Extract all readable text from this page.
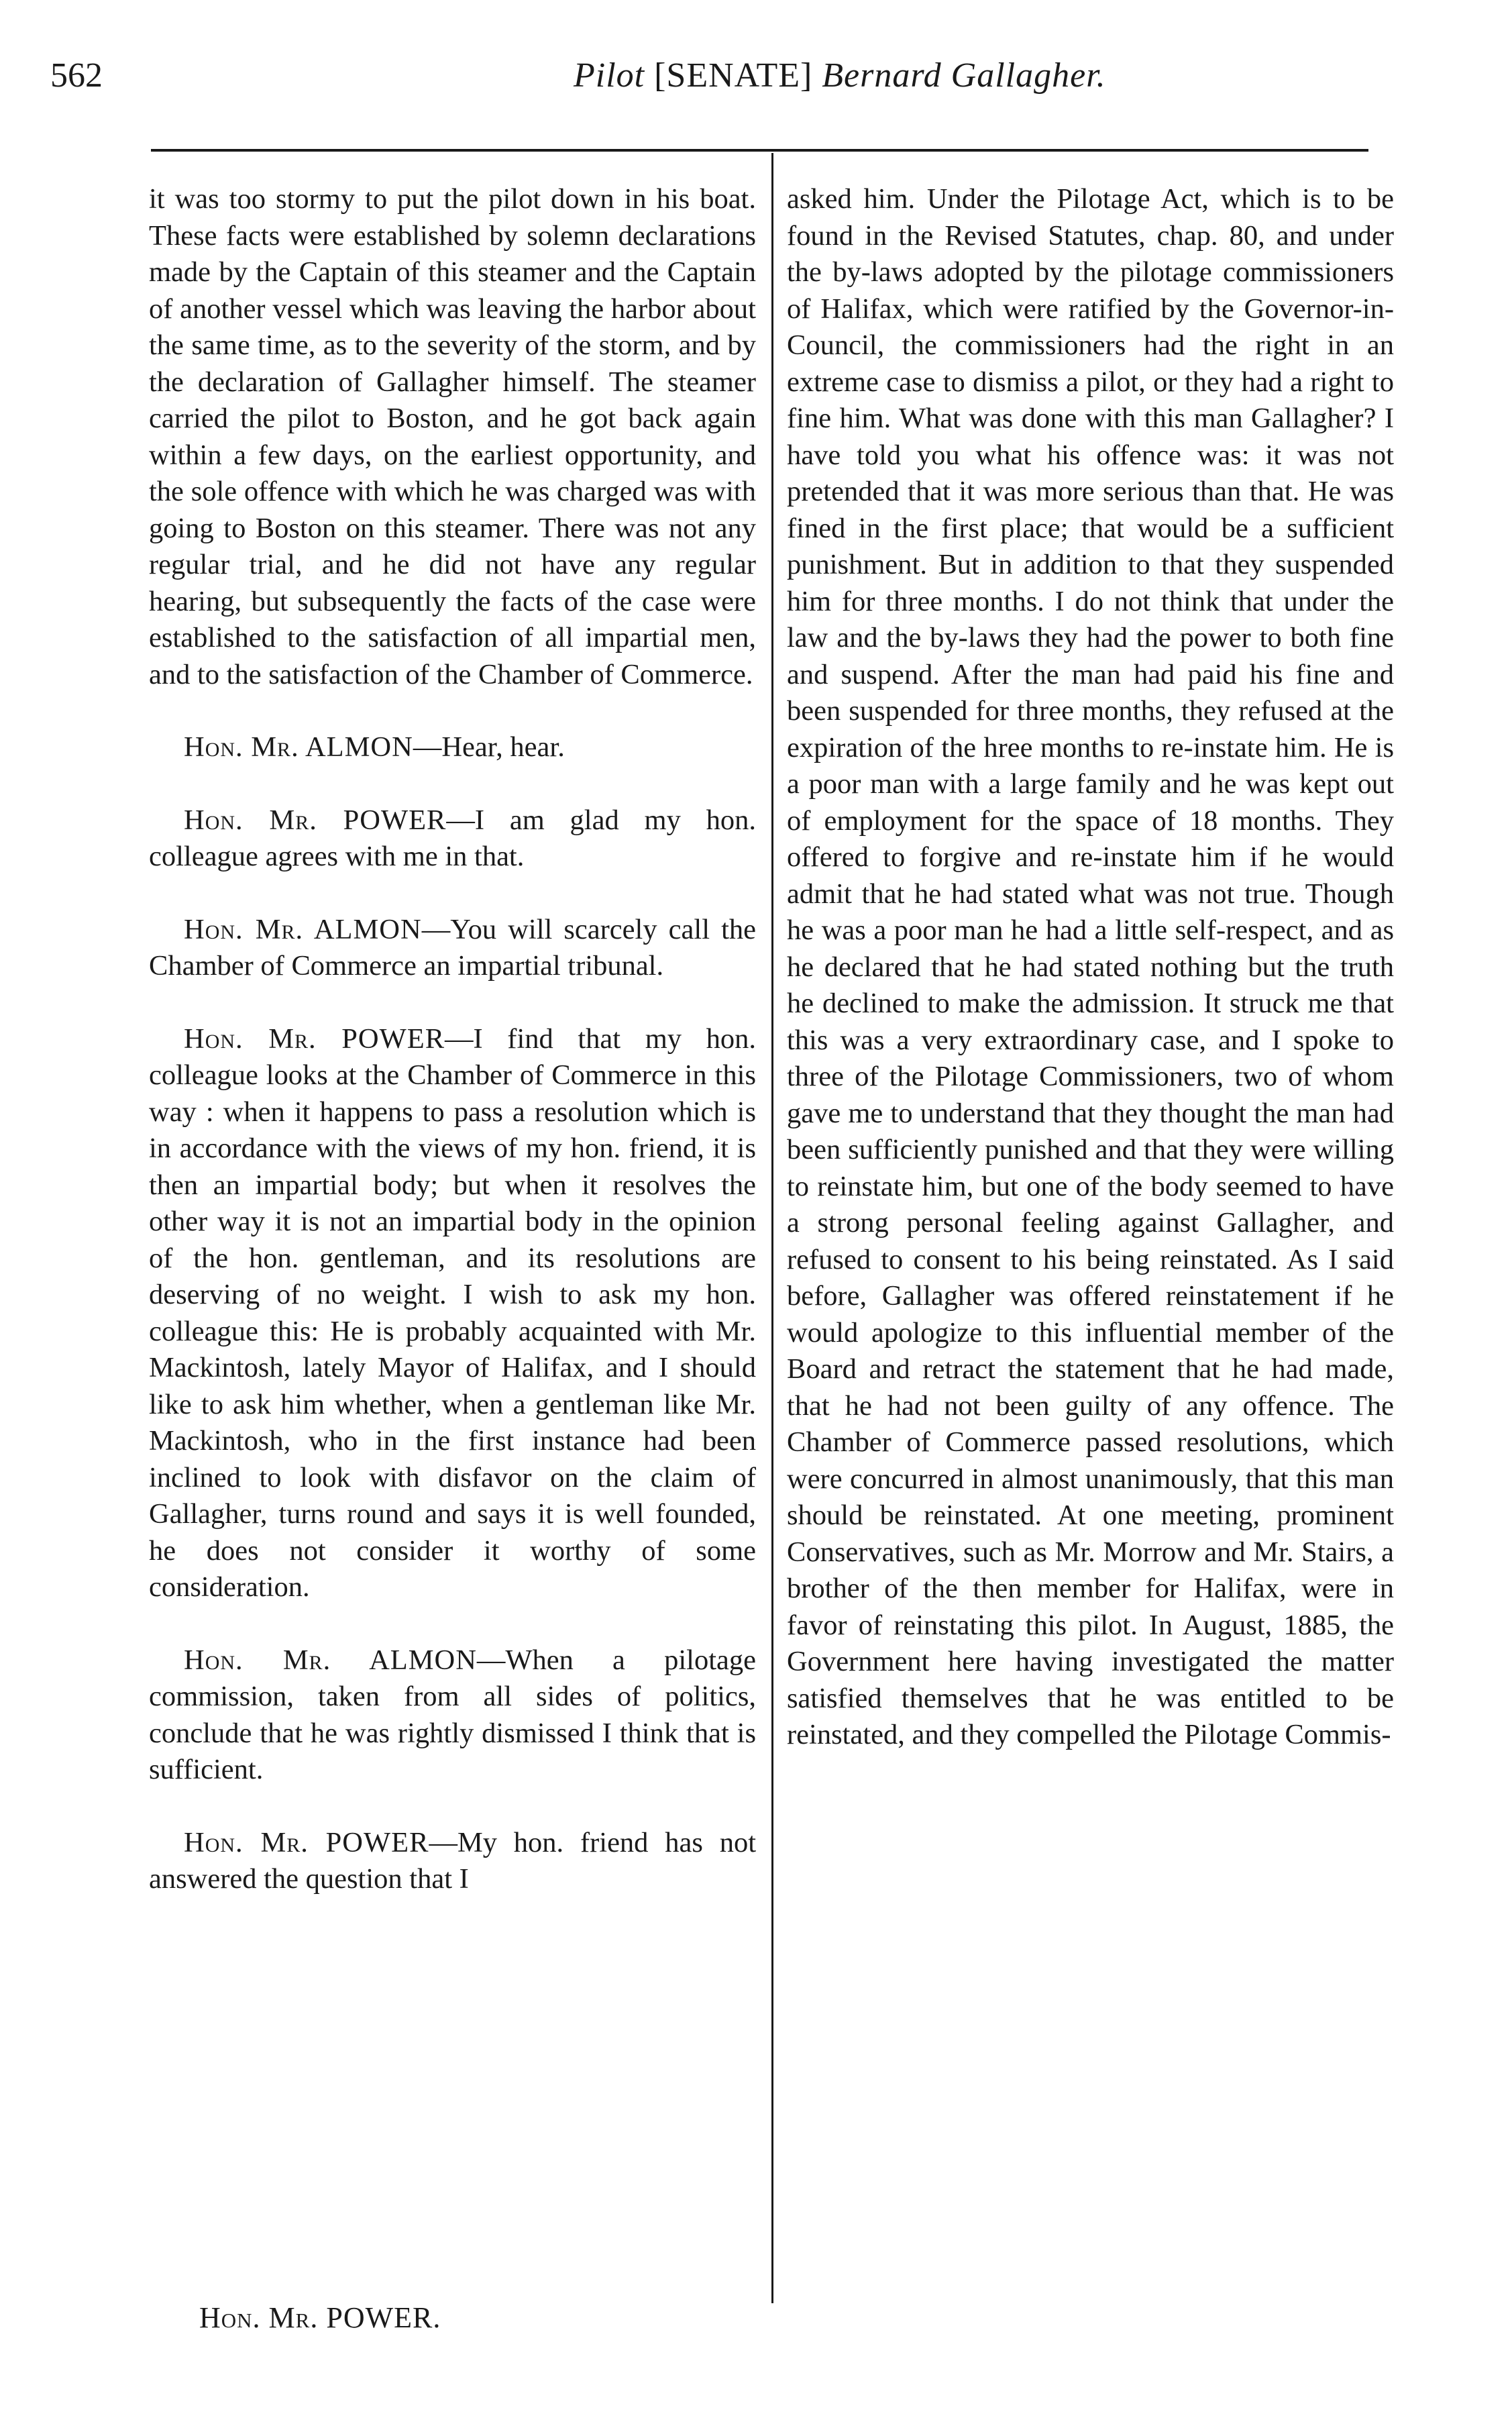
562	Pilot [SENATE] Bernard Gallagher.

it was too stormy to put the pilot down in his boat. These facts were established by solemn declarations made by the Captain of this steamer and the Captain of another vessel which was leaving the harbor about the same time, as to the severity of the storm, and by the declaration of Gallagher himself. The steamer carried the pilot to Boston, and he got back again within a few days, on the earliest opportunity, and the sole offence with which he was charged was with going to Boston on this steamer. There was not any regular trial, and he did not have any regular hearing, but subsequently the facts of the case were established to the satisfaction of all impartial men, and to the satisfaction of the Chamber of Commerce.

Hon. Mr. ALMON—Hear, hear.

Hon. Mr. POWER—I am glad my hon. colleague agrees with me in that.

Hon. Mr. ALMON—You will scarcely call the Chamber of Commerce an impartial tribunal.

Hon. Mr. POWER—I find that my hon. colleague looks at the Chamber of Commerce in this way : when it happens to pass a resolution which is in accordance with the views of my hon. friend, it is then an impartial body; but when it resolves the other way it is not an impartial body in the opinion of the hon. gentleman, and its resolutions are deserving of no weight. I wish to ask my hon. colleague this: He is probably acquainted with Mr. Mackintosh, lately Mayor of Halifax, and I should like to ask him whether, when a gentleman like Mr. Mackintosh, who in the first instance had been inclined to look with disfavor on the claim of Gallagher, turns round and says it is well founded, he does not consider it worthy of some consideration.

Hon. Mr. ALMON—When a pilotage commission, taken from all sides of politics, conclude that he was rightly dismissed I think that is sufficient.

Hon. Mr. POWER—My hon. friend has not answered the question that I

asked him. Under the Pilotage Act, which is to be found in the Revised Statutes, chap. 80, and under the by-laws adopted by the pilotage commissioners of Halifax, which were ratified by the Governor-in-Council, the commissioners had the right in an extreme case to dismiss a pilot, or they had a right to fine him. What was done with this man Gallagher? I have told you what his offence was: it was not pretended that it was more serious than that. He was fined in the first place; that would be a sufficient punishment. But in addition to that they suspended him for three months. I do not think that under the law and the by-laws they had the power to both fine and suspend. After the man had paid his fine and been suspended for three months, they refused at the expiration of the hree months to re-instate him. He is a poor man with a large family and he was kept out of employment for the space of 18 months. They offered to forgive and re-instate him if he would admit that he had stated what was not true. Though he was a poor man he had a little self-respect, and as he declared that he had stated nothing but the truth he declined to make the admission. It struck me that this was a very extraordinary case, and I spoke to three of the Pilotage Commissioners, two of whom gave me to understand that they thought the man had been sufficiently punished and that they were willing to reinstate him, but one of the body seemed to have a strong personal feeling against Gallagher, and refused to consent to his being reinstated. As I said before, Gallagher was offered reinstatement if he would apologize to this influential member of the Board and retract the statement that he had made, that he had not been guilty of any offence. The Chamber of Commerce passed resolutions, which were concurred in almost unanimously, that this man should be reinstated. At one meeting, prominent Conservatives, such as Mr. Morrow and Mr. Stairs, a brother of the then member for Halifax, were in favor of reinstating this pilot. In August, 1885, the Government here having investigated the matter satisfied themselves that he was entitled to be reinstated, and they compelled the Pilotage Commis-

Hon. Mr. POWER.
